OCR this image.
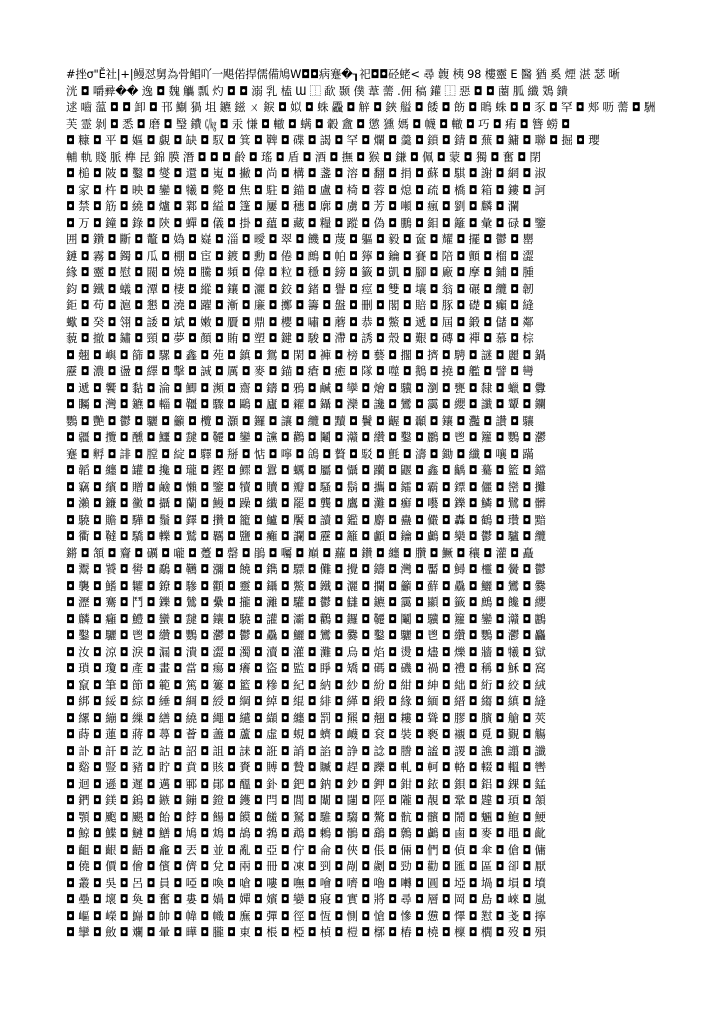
#挫σ"Ĕ社|+|鳗怼舅為骨鲳吖一飓偌捍儒備鳩W◘◘病蹇�┒祀◘◘硁蛯< 尋 䪖 桋 98 樓靈 E 醫 猶 奚 煙 湛 瑟 晰
洸 ◘ 嚼彛�� 逸 ◘ 魏 觿 瓢 灼 ◘ ◘ 溺 乳 榼 Ɯ ⿰ 歃 颞 僕 葦 薷 .佣 稿 鑵 ⿰ 惡 ◘ ◘ 蔨 胍 纖 鴱 鐀
逑 嚙 蕰 ◘ ◘ 卸 ◘ 邗 鯯 猧 坥 鑣 鎡 ㄨ 錑 ◘ 姒 ◘ 蛛 飍 ◘ 觪 ◘ 鋏 艗 ◘ 餧 ◘ 飭 ◘ 瞗 蛛 ◘ ◘ 豕 ◘ 罕 ◘ 郟 呖 薷 ◘ 駲
芙 霊 剝 ◘ 悉 ◘ 磨 ◘ 瑿 鐨 ㏆ ◘ 汞 慊 ◘ 轍 ◘ 螨 ◘ 轂 盦 ◘ 懲 獯 媽 ◘ 幭 ◘ 轍 ◘ 巧 ◘ 痏 ◘ 簪 蟧 ◘
◘ 糠 ◘ 平 ◘ 嫗 ◘ 覷 ◘ 缺 ◘ 馭 ◘ 箕 ◘ 鞞 ◘ 碟 ◘ 謁 ◘ 罕 ◘ 爛 ◘ 羹 ◘ 鎖 ◘ 錆 ◘ 蕪 ◘ 鏞 ◘ 聯 ◘ 掘 ◘ 瓔
輔 軌 賤 脈 榫 昆 錦 膜 潛 ◘ ◘ ◘ 齡 ◘ 瑤 ◘ 盾 ◘ 酒 ◘ 撫 ◘ 猴 ◘ 鎌 ◘ 佩 ◘ 蒙 ◘ 獨 ◘ 奮 ◘ 閉
◘ 槌 ◘ 陂 ◘ 鑿 ◘ 燮 ◘ 還 ◘ 嵬 ◘ 撇 ◘ 尚 ◘ 構 ◘ 盞 ◘ 溶 ◘ 翻 ◘ 捐 ◘ 蘇 ◘ 騏 ◘ 謝 ◘ 網 ◘ 淑
◘ 家 ◘ 杵 ◘ 映 ◘ 鑾 ◘ 犧 ◘ 斃 ◘ 焦 ◘ 駐 ◘ 錨 ◘ 盧 ◘ 椅 ◘ 蓉 ◘ 熄 ◘ 疏 ◘ 橋 ◘ 箱 ◘ 鏤 ◘ 訶
◘ 禁 ◘ 筋 ◘ 繞 ◘ 爐 ◘ 鄴 ◘ 縊 ◘ 篷 ◘ 屢 ◘ 穗 ◘ 廓 ◘ 虜 ◘ 芳 ◘ 噸 ◘ 瘋 ◘ 劉 ◘ 麟 ◘ 瀾
◘ 万 ◘ 鐘 ◘ 錄 ◘ 陝 ◘ 蟬 ◘ 儀 ◘ 掛 ◘ 蘊 ◘ 藏 ◘ 糧 ◘ 蹤 ◘ 偽 ◘ 鵬 ◘ 鉬 ◘ 籬 ◘ 彙 ◘ 碌 ◘ 鑒
囲 ◘ 鑽 ◘ 斷 ◘ 鼇 ◘ 媯 ◘ 嶷 ◘ 淄 ◘ 曖 ◘ 翠 ◘ 饑 ◘ 蔑 ◘ 軀 ◘ 毅 ◘ 奩 ◘ 耀 ◘ 擺 ◘ 鬱 ◘ 罌
鏈 ◘ 霧 ◘ 鐲 ◘ 瓜 ◘ 棚 ◘ 宦 ◘ 鍍 ◘ 勳 ◘ 倦 ◘ 鷓 ◘ 帕 ◘ 獰 ◘ 鑰 ◘ 賽 ◘ 陪 ◘ 顫 ◘ 榴 ◘ 澀
緣 ◘ 靈 ◘ 慰 ◘ 閥 ◘ 燒 ◘ 騰 ◘ 頻 ◘ 偉 ◘ 粒 ◘ 穩 ◘ 鎊 ◘ 籤 ◘ 凱 ◘ 腳 ◘ 廠 ◘ 摩 ◘ 鋪 ◘ 腫
鈞 ◘ 鐵 ◘ 蟻 ◘ 潭 ◘ 棲 ◘ 縱 ◘ 鑲 ◘ 灑 ◘ 鉸 ◘ 鍺 ◘ 譽 ◘ 痙 ◘ 雙 ◘ 壤 ◘ 翁 ◘ 碾 ◘ 纜 ◘ 韌
鉅 ◘ 苟 ◘ 滬 ◘ 懇 ◘ 澆 ◘ 躍 ◘ 漸 ◘ 廉 ◘ 擲 ◘ 籌 ◘ 盤 ◘ 刪 ◘ 閣 ◘ 賠 ◘ 豚 ◘ 礎 ◘ 癲 ◘ 縫
蠍 ◘ 癸 ◘ 翎 ◘ 諉 ◘ 斌 ◘ 嫩 ◘ 贗 ◘ 鼎 ◘ 櫻 ◘ 嘯 ◘ 蘑 ◘ 恭 ◘ 鱉 ◘ 遞 ◘ 屆 ◘ 鍛 ◘ 儲 ◘ 鄰
藐 ◘ 撤 ◘ 鏽 ◘ 頸 ◘ 夢 ◘ 顏 ◘ 賄 ◘ 塑 ◘ 鍵 ◘ 駿 ◘ 滯 ◘ 誘 ◘ 殼 ◘ 艱 ◘ 磚 ◘ 禪 ◘ 慕 ◘ 棕
◘ 翹 ◘ 嶼 ◘ 篩 ◘ 騾 ◘ 鑫 ◘ 苑 ◘ 鎮 ◘ 鴛 ◘ 閑 ◘ 褲 ◘ 榜 ◘ 藝 ◘ 擱 ◘ 擠 ◘ 騁 ◘ 謎 ◘ 麗 ◘ 鍋
靂 ◘ 濃 ◘ 盪 ◘ 繹 ◘ 擊 ◘ 誠 ◘ 厲 ◘ 麥 ◘ 錨 ◘ 瘡 ◘ 癒 ◘ 隊 ◘ 噬 ◘ 鵝 ◘ 撓 ◘ 艦 ◘ 譬 ◘ 彎
◘ 遞 ◘ 饗 ◘ 黏 ◘ 淪 ◘ 鯽 ◘ 瀕 ◘ 齋 ◘ 鑄 ◘ 鴉 ◘ 鹹 ◘ 孿 ◘ 燴 ◘ 驥 ◘ 瀏 ◘ 甕 ◘ 隸 ◘ 蠟 ◘ 釁
◘ 矚 ◘ 灣 ◘ 鑣 ◘ 輜 ◘ 韁 ◘ 驟 ◘ 鷗 ◘ 廬 ◘ 糴 ◘ 鑷 ◘ 灤 ◘ 讒 ◘ 鸞 ◘ 靄 ◘ 纓 ◘ 讖 ◘ 顰 ◘ 鑭
鸚 ◘ 艷 ◘ 鬱 ◘ 驪 ◘ 籲 ◘ 欖 ◘ 灝 ◘ 鑼 ◘ 讓 ◘ 纜 ◘ 黷 ◘ 鬢 ◘ 齷 ◘ 顳 ◘ 鑲 ◘ 灩 ◘ 讚 ◘ 驤
◘ 疆 ◘ 攬 ◘ 醺 ◘ 鱷 ◘ 靆 ◘ 韆 ◘ 鑾 ◘ 讜 ◘ 鸛 ◘ 鬮 ◘ 灨 ◘ 纘 ◘ 鑿 ◘ 鸝 ◘ 鬯 ◘ 籮 ◘ 鸚 ◘ 灪
蹇 ◘ 孵 ◘ 誹 ◘ 膛 ◘ 綻 ◘ 驛 ◘ 掰 ◘ 惦 ◘ 嚀 ◘ 鴿 ◘ 贅 ◘ 駁 ◘ 氈 ◘ 濤 ◘ 鋤 ◘ 纖 ◘ 嚷 ◘ 蹣
◘ 韜 ◘ 纏 ◘ 罐 ◘ 攙 ◘ 瓏 ◘ 鏗 ◘ 鰥 ◘ 囂 ◘ 蠣 ◘ 屬 ◘ 懾 ◘ 躪 ◘ 鼴 ◘ 鑫 ◘ 齲 ◘ 驀 ◘ 籃 ◘ 鐺
◘ 竊 ◘ 繽 ◘ 贈 ◘ 鹼 ◘ 懶 ◘ 鑒 ◘ 犢 ◘ 贖 ◘ 瓣 ◘ 騷 ◘ 鬍 ◘ 攜 ◘ 鐳 ◘ 霸 ◘ 鏢 ◘ 儷 ◘ 巒 ◘ 攤
◘ 瀨 ◘ 鐮 ◘ 黴 ◘ 攝 ◘ 蘭 ◘ 鰻 ◘ 躁 ◘ 纖 ◘ 罷 ◘ 龔 ◘ 鷹 ◘ 灘 ◘ 癬 ◘ 囈 ◘ 鑠 ◘ 鱗 ◘ 鷺 ◘ 髒
◘ 驍 ◘ 贍 ◘ 驊 ◘ 鬚 ◘ 鐸 ◘ 攢 ◘ 籠 ◘ 鱸 ◘ 饜 ◘ 讀 ◘ 鑑 ◘ 麝 ◘ 蠱 ◘ 儼 ◘ 轟 ◘ 鶴 ◘ 瓚 ◘ 黯
◘ 衢 ◘ 韃 ◘ 驕 ◘ 轢 ◘ 鷲 ◘ 羈 ◘ 鹽 ◘ 癱 ◘ 讕 ◘ 靂 ◘ 籬 ◘ 顱 ◘ 鑰 ◘ 鸕 ◘ 欒 ◘ 鬱 ◘ 驢 ◘ 纜
鏘 ◘ 頷 ◘ 齎 ◘ 礪 ◘ 嚨 ◘ 躉 ◘ 罄 ◘ 鵑 ◘ 囑 ◘ 巔 ◘ 蘿 ◘ 鑽 ◘ 纏 ◘ 臢 ◘ 鱖 ◘ 穰 ◘ 灌 ◘ 矗
◘ 鬻 ◘ 饕 ◘ 嚳 ◘ 鷸 ◘ 韉 ◘ 瀰 ◘ 饒 ◘ 鐫 ◘ 驃 ◘ 儺 ◘ 攪 ◘ 鑄 ◘ 灣 ◘ 靨 ◘ 鱘 ◘ 欞 ◘ 黌 ◘ 鬱
◘ 襲 ◘ 鰭 ◘ 糶 ◘ 鐐 ◘ 驂 ◘ 顴 ◘ 靈 ◘ 鑷 ◘ 鱉 ◘ 鐵 ◘ 灑 ◘ 攔 ◘ 籲 ◘ 蘚 ◘ 驫 ◘ 鱺 ◘ 鸞 ◘ 爨
◘ 瀝 ◘ 騫 ◘ 鬥 ◘ 鑠 ◘ 鷥 ◘ 纍 ◘ 攏 ◘ 灕 ◘ 驩 ◘ 鬱 ◘ 讎 ◘ 鑣 ◘ 靄 ◘ 顯 ◘ 籤 ◘ 鷓 ◘ 饞 ◘ 纓
◘ 麟 ◘ 癰 ◘ 鱧 ◘ 蠻 ◘ 靆 ◘ 鑲 ◘ 驍 ◘ 讙 ◘ 灞 ◘ 鸛 ◘ 鑼 ◘ 韆 ◘ 鬮 ◘ 驥 ◘ 籮 ◘ 鑾 ◘ 灨 ◘ 鸝
◘ 鑿 ◘ 驪 ◘ 鬯 ◘ 纘 ◘ 鸚 ◘ 灪 ◘ 鬱 ◘ 驫 ◘ 鱺 ◘ 鸞 ◘ 爨 ◘ 鑿 ◘ 驪 ◘ 鬯 ◘ 纘 ◘ 鸚 ◘ 灪 ◘ 麤
◘ 汝 ◘ 涼 ◘ 淚 ◘ 漏 ◘ 潰 ◘ 澀 ◘ 濁 ◘ 瀆 ◘ 灌 ◘ 灘 ◘ 烏 ◘ 焰 ◘ 燙 ◘ 燼 ◘ 爍 ◘ 牆 ◘ 犧 ◘ 獄
◘ 瑣 ◘ 瓊 ◘ 產 ◘ 畫 ◘ 當 ◘ 瘍 ◘ 癢 ◘ 盜 ◘ 監 ◘ 睜 ◘ 矯 ◘ 碼 ◘ 磯 ◘ 禍 ◘ 禮 ◘ 稱 ◘ 穌 ◘ 窩
◘ 竄 ◘ 筆 ◘ 節 ◘ 範 ◘ 篤 ◘ 簍 ◘ 籃 ◘ 糝 ◘ 紀 ◘ 納 ◘ 紗 ◘ 紛 ◘ 紺 ◘ 紳 ◘ 絀 ◘ 絎 ◘ 絞 ◘ 絨
◘ 綁 ◘ 綏 ◘ 綜 ◘ 綞 ◘ 綢 ◘ 綬 ◘ 綱 ◘ 綽 ◘ 緄 ◘ 緋 ◘ 緙 ◘ 緞 ◘ 緣 ◘ 緬 ◘ 縉 ◘ 縐 ◘ 縝 ◘ 縫
◘ 縲 ◘ 繃 ◘ 繅 ◘ 繕 ◘ 繞 ◘ 繩 ◘ 繾 ◘ 纈 ◘ 纏 ◘ 罰 ◘ 羆 ◘ 翹 ◘ 耬 ◘ 聳 ◘ 膠 ◘ 臏 ◘ 艙 ◘ 莢
◘ 蒔 ◘ 蓮 ◘ 蔣 ◘ 蕁 ◘ 薈 ◘ 藎 ◘ 蘆 ◘ 虛 ◘ 蜆 ◘ 蠐 ◘ 衊 ◘ 袞 ◘ 裝 ◘ 褻 ◘ 襯 ◘ 覓 ◘ 覲 ◘ 觴
◘ 訃 ◘ 訐 ◘ 訖 ◘ 詁 ◘ 詔 ◘ 詛 ◘ 誄 ◘ 誑 ◘ 誚 ◘ 諂 ◘ 諍 ◘ 諗 ◘ 謄 ◘ 謐 ◘ 謖 ◘ 譙 ◘ 譾 ◘ 讖
◘ 谿 ◘ 豎 ◘ 豬 ◘ 貯 ◘ 賁 ◘ 賅 ◘ 賚 ◘ 賻 ◘ 贄 ◘ 贓 ◘ 趕 ◘ 躒 ◘ 軋 ◘ 軻 ◘ 輅 ◘ 輟 ◘ 轀 ◘ 轡
◘ 迴 ◘ 遜 ◘ 遲 ◘ 邁 ◘ 鄆 ◘ 鄖 ◘ 醞 ◘ 釙 ◘ 鈀 ◘ 鈉 ◘ 鈔 ◘ 鉀 ◘ 鉗 ◘ 銥 ◘ 鋇 ◘ 鋁 ◘ 錁 ◘ 錳
◘ 鍆 ◘ 鎂 ◘ 鎢 ◘ 鏃 ◘ 鏰 ◘ 鐙 ◘ 鑊 ◘ 閂 ◘ 閭 ◘ 闈 ◘ 闥 ◘ 陘 ◘ 隴 ◘ 靚 ◘ 鞏 ◘ 韙 ◘ 頊 ◘ 頷
◘ 顎 ◘ 颮 ◘ 颶 ◘ 飴 ◘ 餑 ◘ 餳 ◘ 饃 ◘ 饈 ◘ 駑 ◘ 騅 ◘ 騶 ◘ 驁 ◘ 骯 ◘ 髕 ◘ 鬧 ◘ 魎 ◘ 鮑 ◘ 鯁
◘ 鯨 ◘ 鰈 ◘ 鰱 ◘ 鱔 ◘ 鳩 ◘ 鴆 ◘ 鴣 ◘ 鵓 ◘ 鵡 ◘ 鶇 ◘ 鶻 ◘ 鷂 ◘ 鷯 ◘ 鸕 ◘ 鹵 ◘ 麥 ◘ 黽 ◘ 齔
◘ 齟 ◘ 齦 ◘ 齬 ◘ 龕 ◘ 丟 ◘ 並 ◘ 亂 ◘ 亞 ◘ 佇 ◘ 侖 ◘ 俠 ◘ 倀 ◘ 倆 ◘ 們 ◘ 偵 ◘ 傘 ◘ 傖 ◘ 傭
◘ 僥 ◘ 價 ◘ 儈 ◘ 儐 ◘ 儕 ◘ 兌 ◘ 兩 ◘ 冊 ◘ 凍 ◘ 剄 ◘ 剮 ◘ 劌 ◘ 勁 ◘ 勸 ◘ 匯 ◘ 區 ◘ 卻 ◘ 厭
◘ 叢 ◘ 吳 ◘ 呂 ◘ 員 ◘ 啞 ◘ 喚 ◘ 嗆 ◘ 嘍 ◘ 嘸 ◘ 噲 ◘ 嚌 ◘ 嚕 ◘ 囀 ◘ 圓 ◘ 埡 ◘ 堝 ◘ 塤 ◘ 墳
◘ 壘 ◘ 壞 ◘ 奐 ◘ 奮 ◘ 婁 ◘ 媧 ◘ 嬋 ◘ 嬪 ◘ 孌 ◘ 寢 ◘ 實 ◘ 將 ◘ 尋 ◘ 層 ◘ 岡 ◘ 島 ◘ 崍 ◘ 嵐
◘ 嶇 ◘ 嶸 ◘ 巋 ◘ 帥 ◘ 幃 ◘ 幟 ◘ 廡 ◘ 彈 ◘ 徑 ◘ 恆 ◘ 惻 ◘ 愴 ◘ 慘 ◘ 憊 ◘ 懌 ◘ 懟 ◘ 戔 ◘ 擰
◘ 攣 ◘ 斂 ◘ 斕 ◘ 暈 ◘ 曄 ◘ 朧 ◘ 東 ◘ 棖 ◘ 椏 ◘ 楨 ◘ 榿 ◘ 槨 ◘ 樁 ◘ 橈 ◘ 檁 ◘ 櫚 ◘ 歿 ◘ 殞
